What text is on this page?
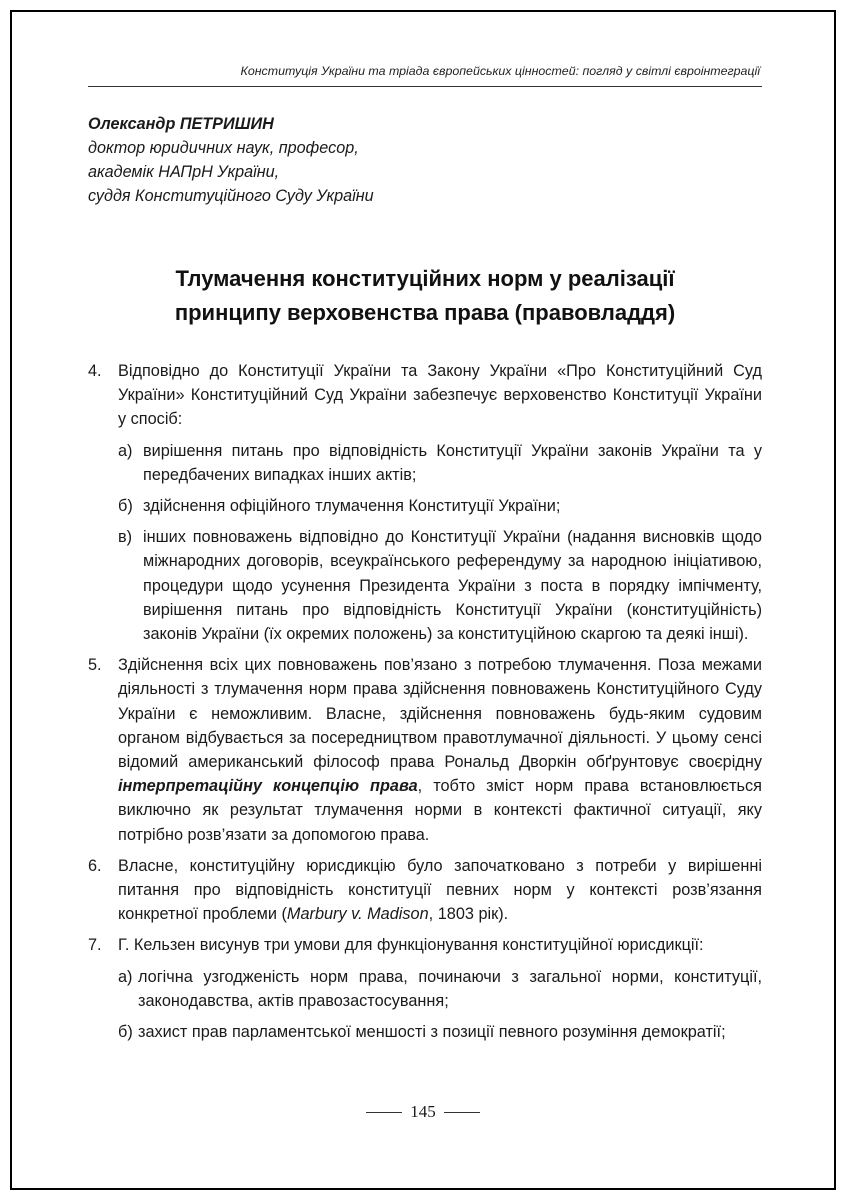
Конституція України та тріада європейських цінностей: погляд у світлі євроінтеграції
Олександр ПЕТРИШИН
доктор юридичних наук, професор,
академік НАПрН України,
суддя Конституційного Суду України
Тлумачення конституційних норм у реалізації
принципу верховенства права (правовладдя)
4. Відповідно до Конституції України та Закону України «Про Конституційний Суд України» Конституційний Суд України забезпечує верховенство Конституції України у спосіб:
а) вирішення питань про відповідність Конституції України законів України та у передбачених випадках інших актів;
б) здійснення офіційного тлумачення Конституції України;
в) інших повноважень відповідно до Конституції України (надання висновків щодо міжнародних договорів, всеукраїнського референдуму за народною ініціативою, процедури щодо усунення Президента України з поста в порядку імпічменту, вирішення питань про відповідність Конституції України (конституційність) законів України (їх окремих положень) за конституційною скаргою та деякі інші).
5. Здійснення всіх цих повноважень пов’язано з потребою тлумачення. Поза межами діяльності з тлумачення норм права здійснення повноважень Конституційного Суду України є неможливим. Власне, здійснення повноважень будь-яким судовим органом відбувається за посередництвом правотлумачної діяльності. У цьому сенсі відомий американський філософ права Рональд Дворкін обґрунтовує своєрідну інтерпретаційну концепцію права, тобто зміст норм права встановлюється виключно як результат тлумачення норми в контексті фактичної ситуації, яку потрібно розв’язати за допомогою права.
6. Власне, конституційну юрисдикцію було започатковано з потреби у вирішенні питання про відповідність конституції певних норм у контексті розв’язання конкретної проблеми (Marbury v. Madison, 1803 рік).
7. Г. Кельзен висунув три умови для функціонування конституційної юрисдикції:
а) логічна узгодженість норм права, починаючи з загальної норми, конституції, законодавства, актів правозастосування;
б) захист прав парламентської меншості з позиції певного розуміння демократії;
145
